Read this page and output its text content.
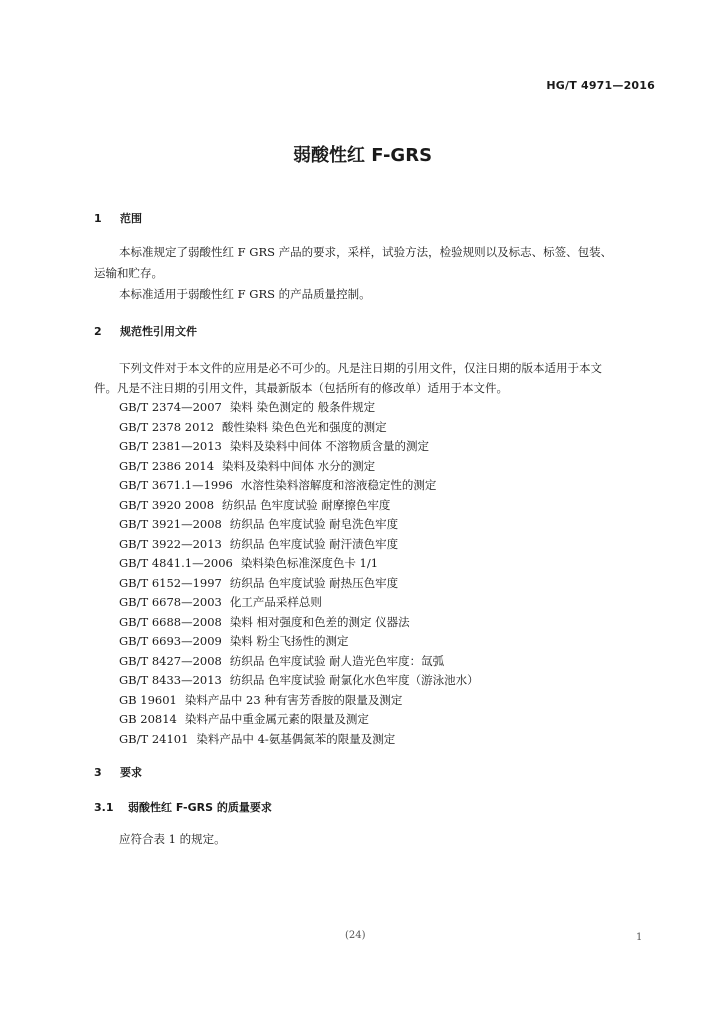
HG/T 4971—2016
弱酸性红 F-GRS
1 范围
本标准规定了弱酸性红 F GRS 产品的要求，采样，试验方法，检验规则以及标志、标签、包装、
运输和贮存。
本标准适用于弱酸性红 F GRS 的产品质量控制。
2 规范性引用文件
下列文件对于本文件的应用是必不可少的。凡是注日期的引用文件，仅注日期的版本适用于本文
件。凡是不注日期的引用文件，其最新版本（包括所有的修改单）适用于本文件。
GB/T 2374—2007 染料 染色测定的 般条件规定
GB/T 2378 2012 酸性染料 染色色光和强度的测定
GB/T 2381—2013 染料及染料中间体 不溶物质含量的测定
GB/T 2386 2014 染料及染料中间体 水分的测定
GB/T 3671.1—1996 水溶性染料溶解度和溶液稳定性的测定
GB/T 3920 2008 纺织品 色牢度试验 耐摩擦色牢度
GB/T 3921—2008 纺织品 色牢度试验 耐皂洗色牢度
GB/T 3922—2013 纺织品 色牢度试验 耐汗渍色牢度
GB/T 4841.1—2006 染料染色标准深度色卡 1/1
GB/T 6152—1997 纺织品 色牢度试验 耐热压色牢度
GB/T 6678—2003 化工产品采样总则
GB/T 6688—2008 染料 相对强度和色差的测定 仪器法
GB/T 6693—2009 染料 粉尘飞扬性的测定
GB/T 8427—2008 纺织品 色牢度试验 耐人造光色牢度：氙弧
GB/T 8433—2013 纺织品 色牢度试验 耐氯化水色牢度（游泳池水）
GB 19601 染料产品中 23 种有害芳香胺的限量及测定
GB 20814 染料产品中重金属元素的限量及测定
GB/T 24101 染料产品中 4-氨基偶氮苯的限量及测定
3 要求
3.1 弱酸性红 F-GRS 的质量要求
应符合表 1 的规定。
(24)	1
